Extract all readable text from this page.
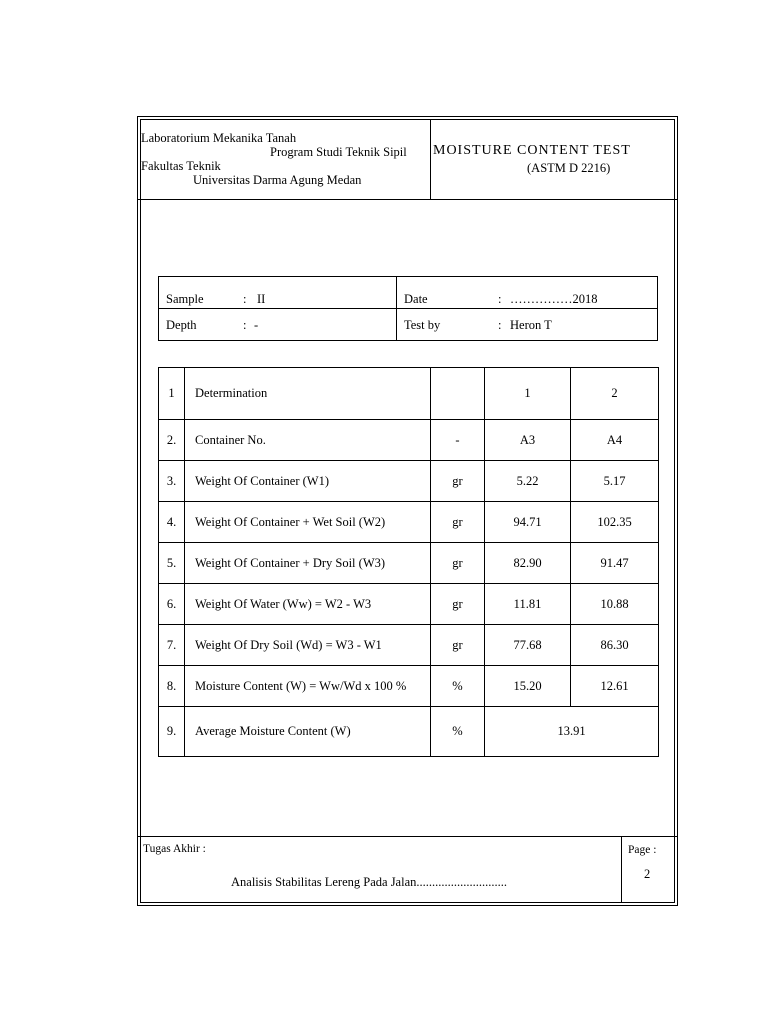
Laboratorium Mekanika Tanah
Program Studi Teknik Sipil
Fakultas Teknik
Universitas Darma Agung Medan
MOISTURE CONTENT TEST
(ASTM D 2216)
Sample	: II	Date	: ……………2018
Depth	: -	Test by	: Heron T
1	Determination		1	2
2.	Container No.	-	A3	A4
3.	Weight Of Container (W1)	gr	5.22	5.17
4.	Weight Of Container + Wet Soil (W2)	gr	94.71	102.35
5.	Weight Of Container + Dry Soil (W3)	gr	82.90	91.47
6.	Weight Of Water (Ww) = W2 - W3	gr	11.81	10.88
7.	Weight Of Dry Soil (Wd) = W3 - W1	gr	77.68	86.30
8.	Moisture Content (W) = Ww/Wd x 100 %	%	15.20	12.61
9.	Average Moisture Content (W)	%	13.91	
Tugas Akhir :
Analisis Stabilitas Lereng Pada Jalan.............................
Page :
2
